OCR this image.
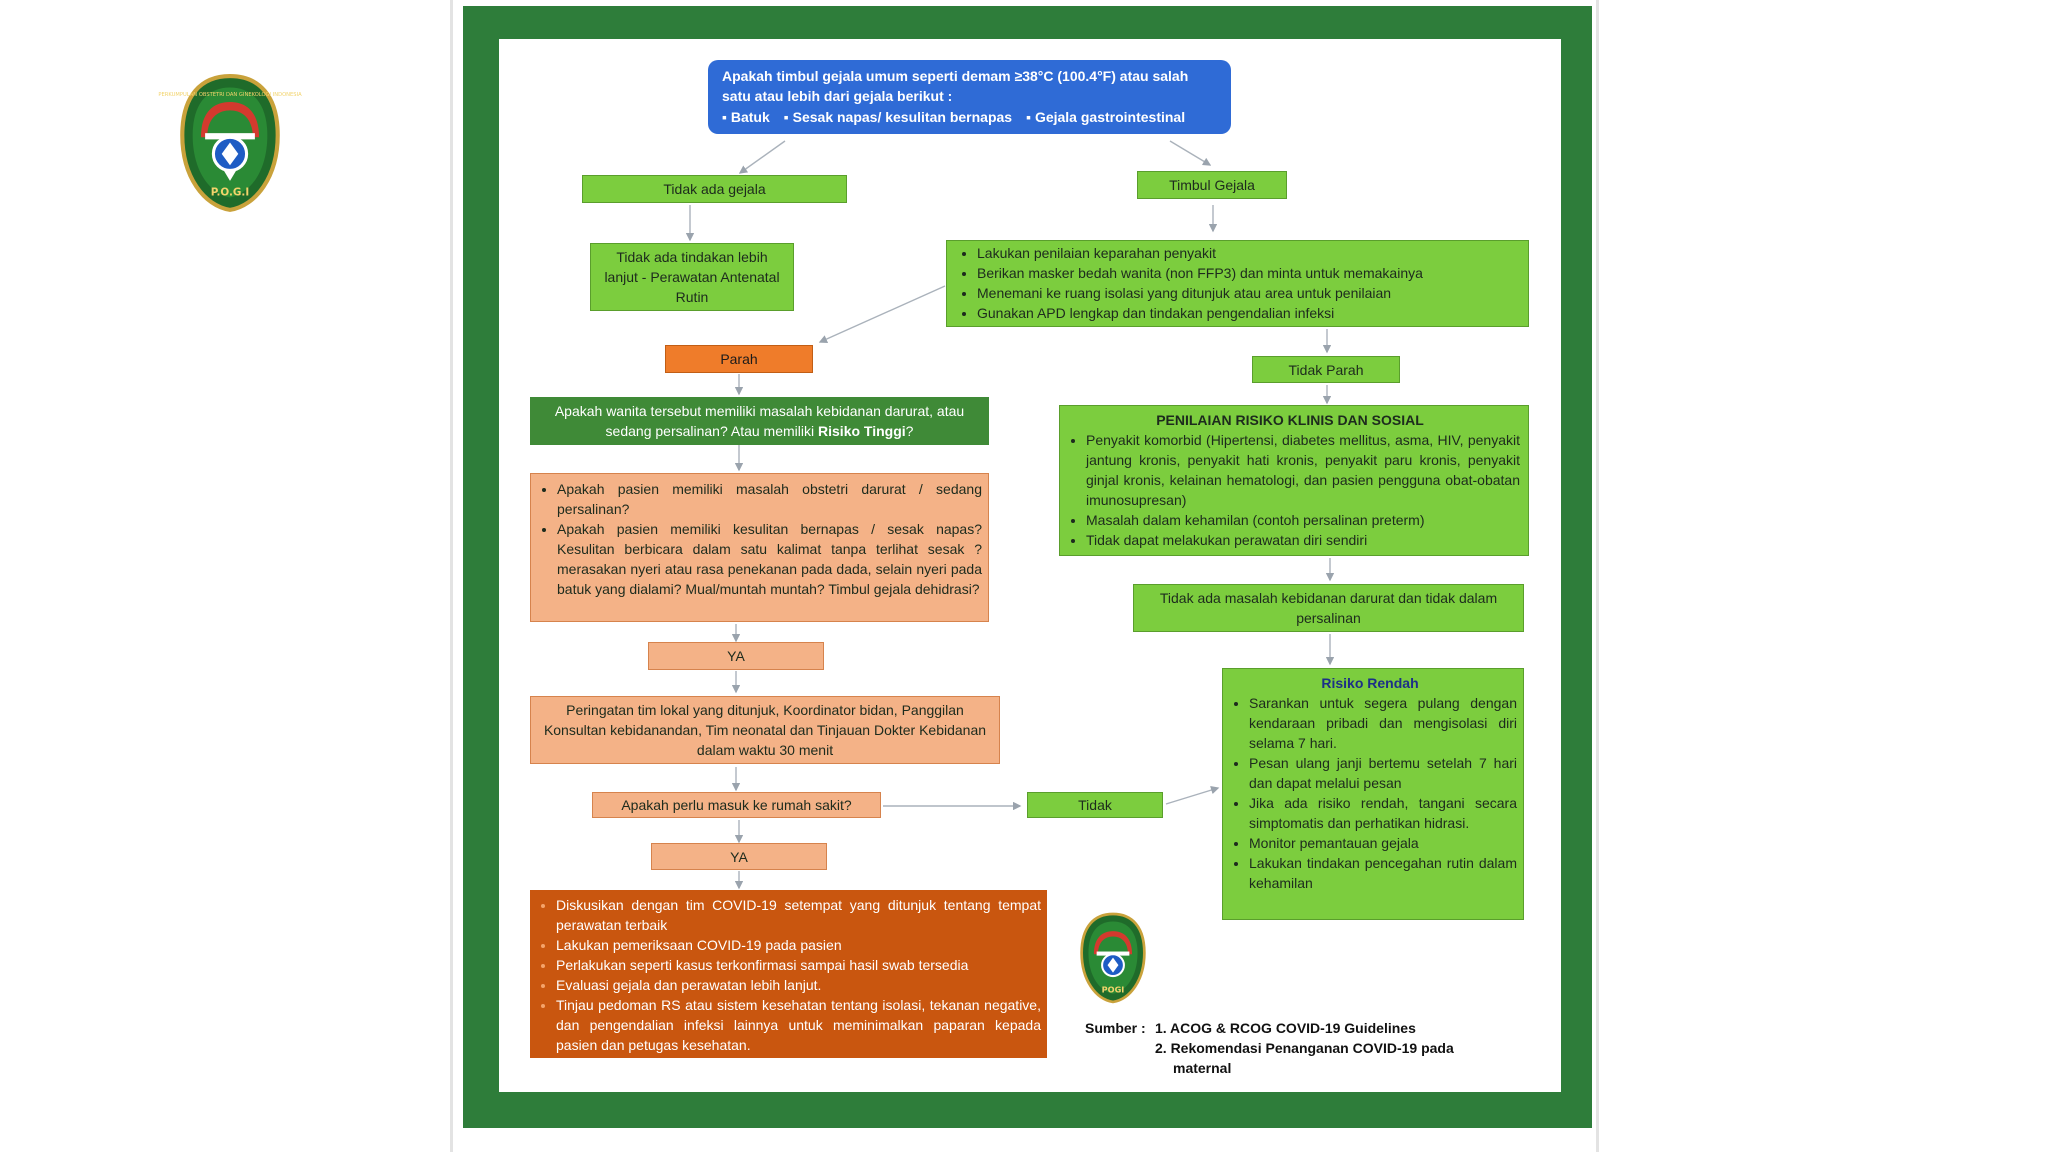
PERKUMPULAN OBSTETRI DAN GINEKOLOGI INDONESIA
P.O.G.I
Apakah timbul gejala umum seperti demam ≥38°C (100.4°F) atau salah
satu atau lebih dari gejala berikut :
▪ Batuk	▪ Sesak napas/ kesulitan bernapas	▪ Gejala gastrointestinal
Tidak ada gejala
Tidak ada tindakan lebih lanjut - Perawatan Antenatal Rutin
Parah
Apakah wanita tersebut memiliki masalah kebidanan darurat, atau sedang persalinan? Atau memiliki Risiko Tinggi?
• Apakah pasien memiliki masalah obstetri darurat / sedang persalinan?
• Apakah pasien memiliki kesulitan bernapas / sesak napas? Kesulitan berbicara dalam satu kalimat tanpa terlihat sesak ? merasakan nyeri atau rasa penekanan pada dada, selain nyeri pada batuk yang dialami? Mual/muntah muntah? Timbul gejala dehidrasi?
YA
Peringatan tim lokal yang ditunjuk, Koordinator bidan, Panggilan Konsultan kebidanandan, Tim neonatal dan Tinjauan Dokter Kebidanan dalam waktu 30 menit
Apakah perlu masuk ke rumah sakit?	Tidak
YA
• Diskusikan dengan tim COVID-19 setempat yang ditunjuk tentang tempat perawatan terbaik
• Lakukan pemeriksaan COVID-19 pada pasien
• Perlakukan seperti kasus terkonfirmasi sampai hasil swab tersedia
• Evaluasi gejala dan perawatan lebih lanjut.
• Tinjau pedoman RS atau sistem kesehatan tentang isolasi, tekanan negative, dan pengendalian infeksi lainnya untuk meminimalkan paparan kepada pasien dan petugas kesehatan.
Timbul Gejala
• Lakukan penilaian keparahan penyakit
• Berikan masker bedah wanita (non FFP3) dan minta untuk memakainya
• Menemani ke ruang isolasi yang ditunjuk atau area untuk penilaian
• Gunakan APD lengkap dan tindakan pengendalian infeksi
Tidak Parah
PENILAIAN RISIKO KLINIS DAN SOSIAL
• Penyakit komorbid (Hipertensi, diabetes mellitus, asma, HIV, penyakit jantung kronis, penyakit hati kronis, penyakit paru kronis, penyakit ginjal kronis, kelainan hematologi, dan pasien pengguna obat-obatan imunosupresan)
• Masalah dalam kehamilan (contoh persalinan preterm)
• Tidak dapat melakukan perawatan diri sendiri
Tidak ada masalah kebidanan darurat dan tidak dalam persalinan
Risiko Rendah
• Sarankan untuk segera pulang dengan kendaraan pribadi dan mengisolasi diri selama 7 hari.
• Pesan ulang janji bertemu setelah 7 hari dan dapat melalui pesan
• Jika ada risiko rendah, tangani secara simptomatis dan perhatikan hidrasi.
• Monitor pemantauan gejala
• Lakukan tindakan pencegahan rutin dalam kehamilan
POGI
Sumber : 1. ACOG & RCOG COVID-19 Guidelines
2. Rekomendasi Penanganan COVID-19 pada
maternal
